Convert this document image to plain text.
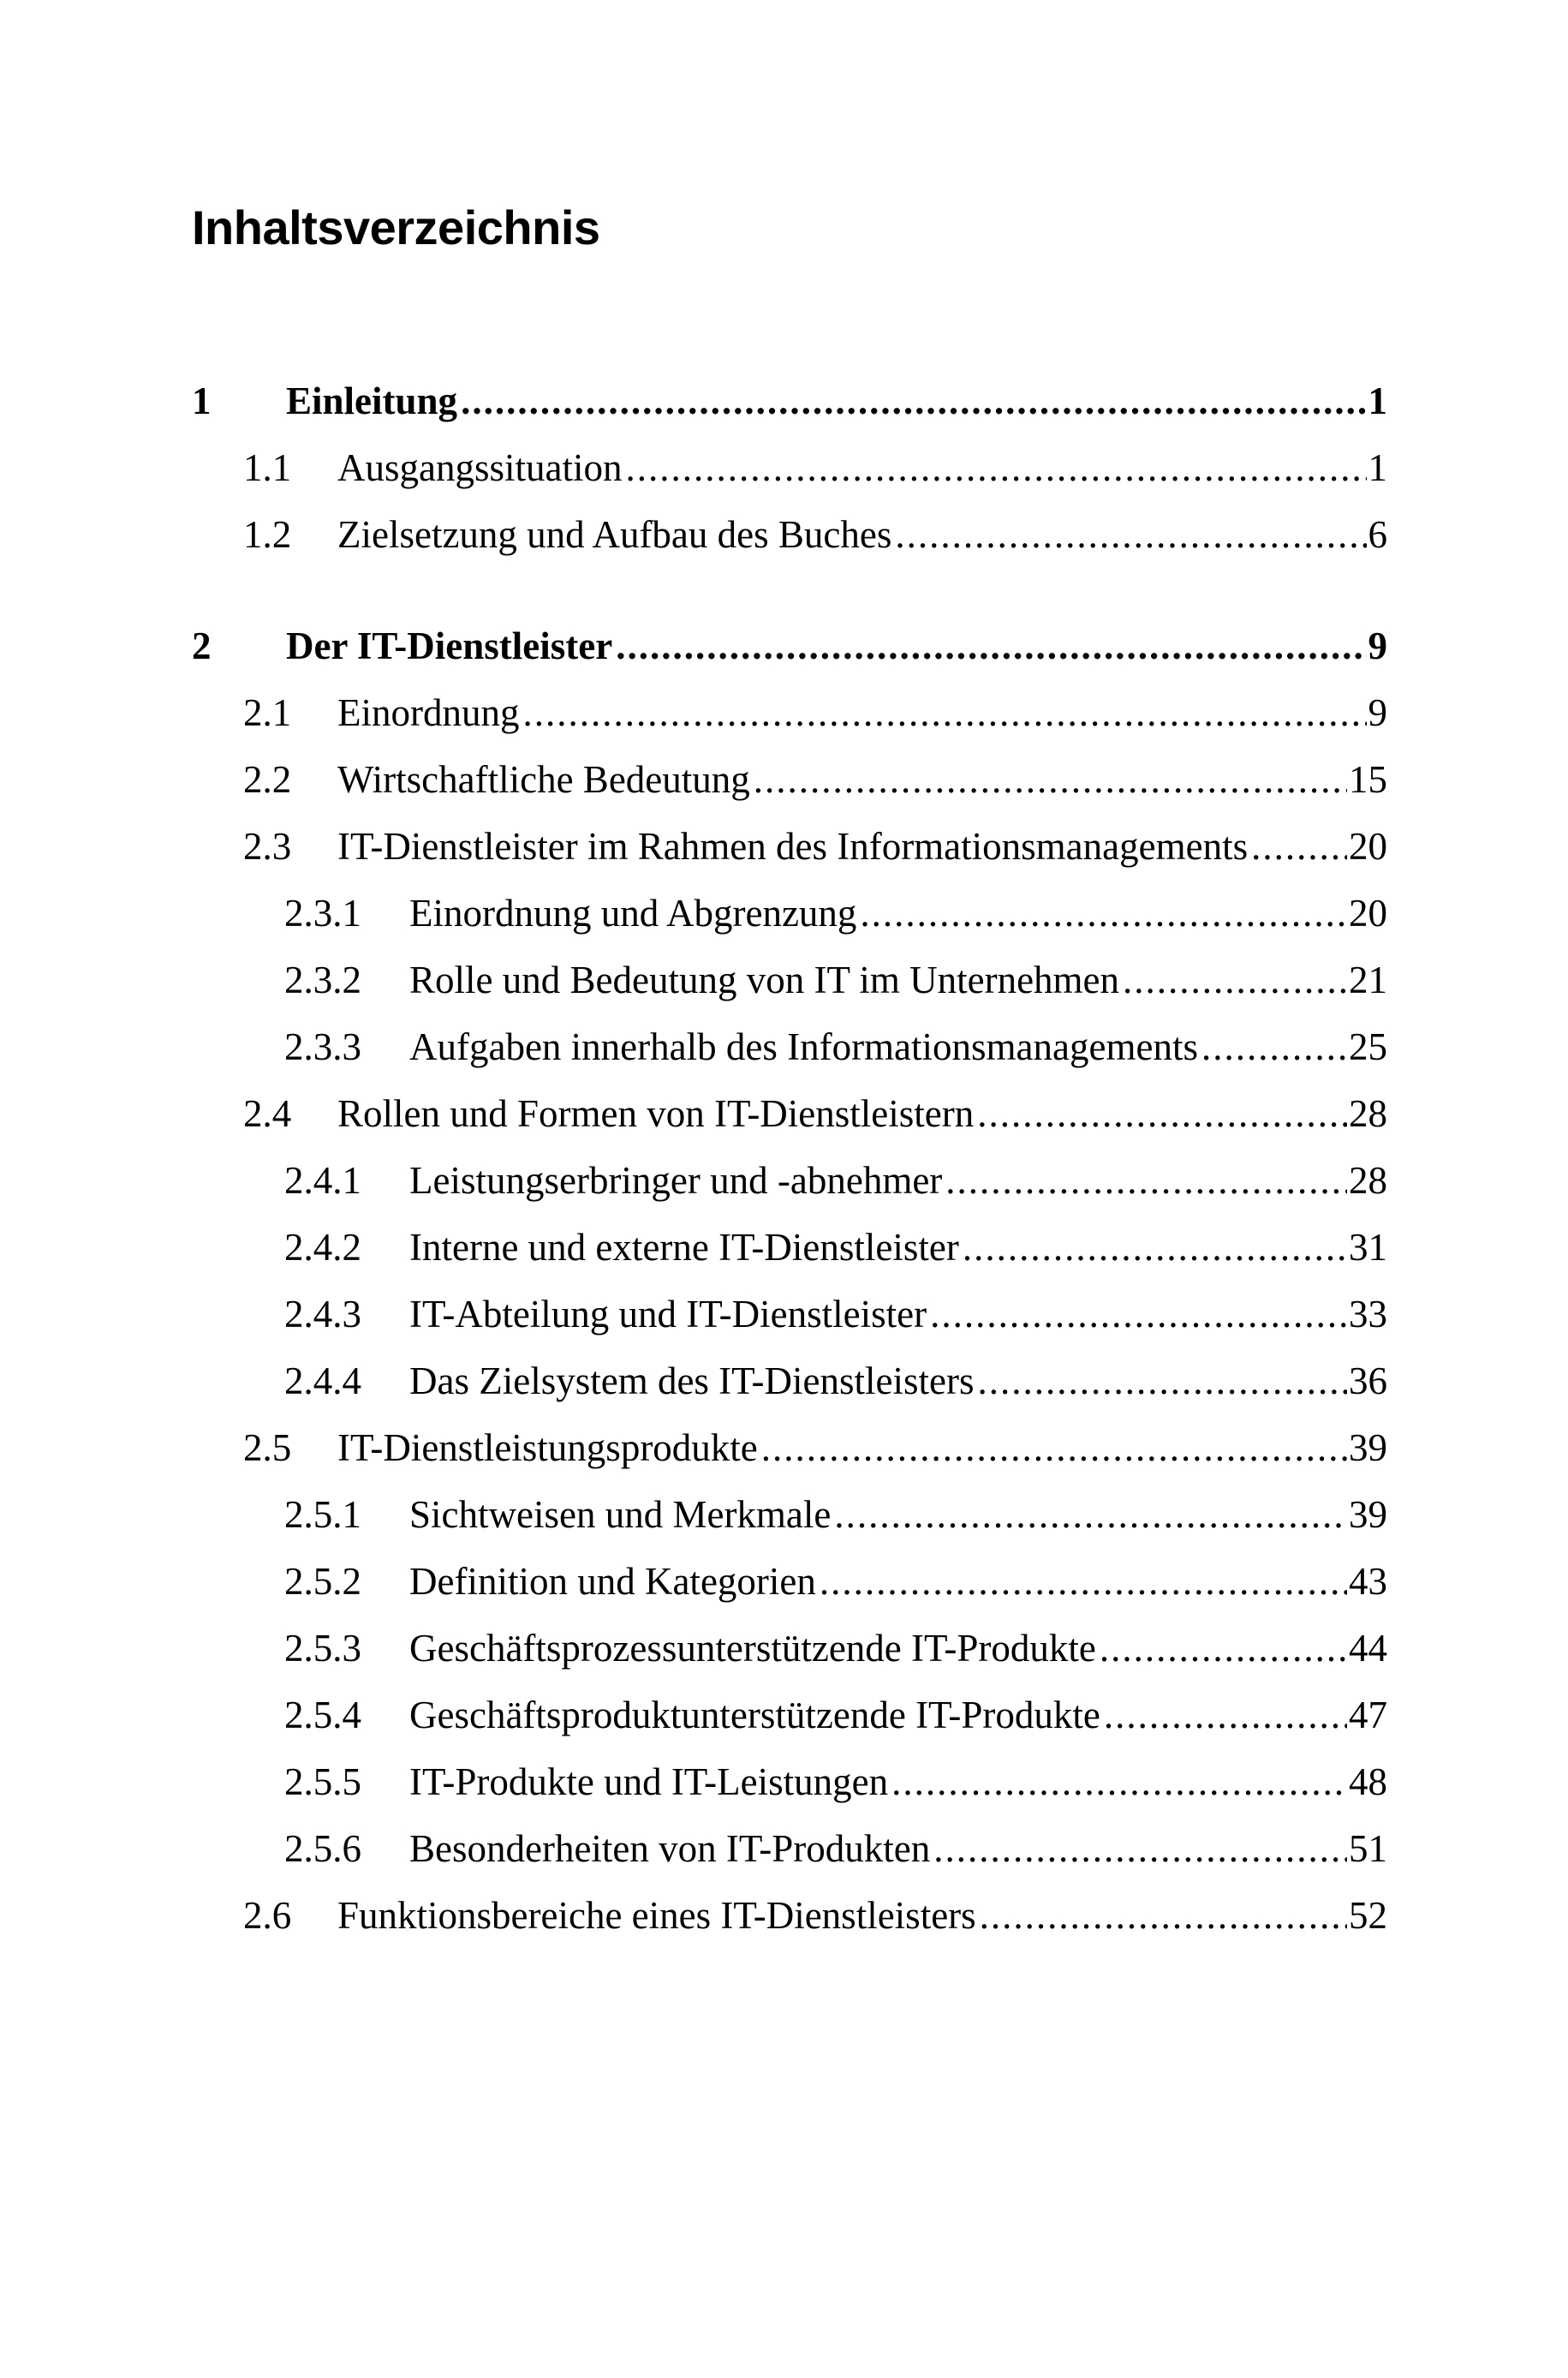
Inhaltsverzeichnis
1	Einleitung .....	1
1.1	Ausgangssituation .....	1
1.2	Zielsetzung und Aufbau des Buches .....	6
2	Der IT-Dienstleister .....	9
2.1	Einordnung .....	9
2.2	Wirtschaftliche Bedeutung .....	15
2.3	IT-Dienstleister im Rahmen des Informationsmanagements .....	20
2.3.1	Einordnung und Abgrenzung .....	20
2.3.2	Rolle und Bedeutung von IT im Unternehmen .....	21
2.3.3	Aufgaben innerhalb des Informationsmanagements .....	25
2.4	Rollen und Formen von IT-Dienstleistern .....	28
2.4.1	Leistungserbringer und -abnehmer .....	28
2.4.2	Interne und externe IT-Dienstleister .....	31
2.4.3	IT-Abteilung und IT-Dienstleister .....	33
2.4.4	Das Zielsystem des IT-Dienstleisters .....	36
2.5	IT-Dienstleistungsprodukte .....	39
2.5.1	Sichtweisen und Merkmale .....	39
2.5.2	Definition und Kategorien .....	43
2.5.3	Geschäftsprozessunterstützende IT-Produkte .....	44
2.5.4	Geschäftsproduktunterstützende IT-Produkte .....	47
2.5.5	IT-Produkte und IT-Leistungen .....	48
2.5.6	Besonderheiten von IT-Produkten .....	51
2.6	Funktionsbereiche eines IT-Dienstleisters .....	52
